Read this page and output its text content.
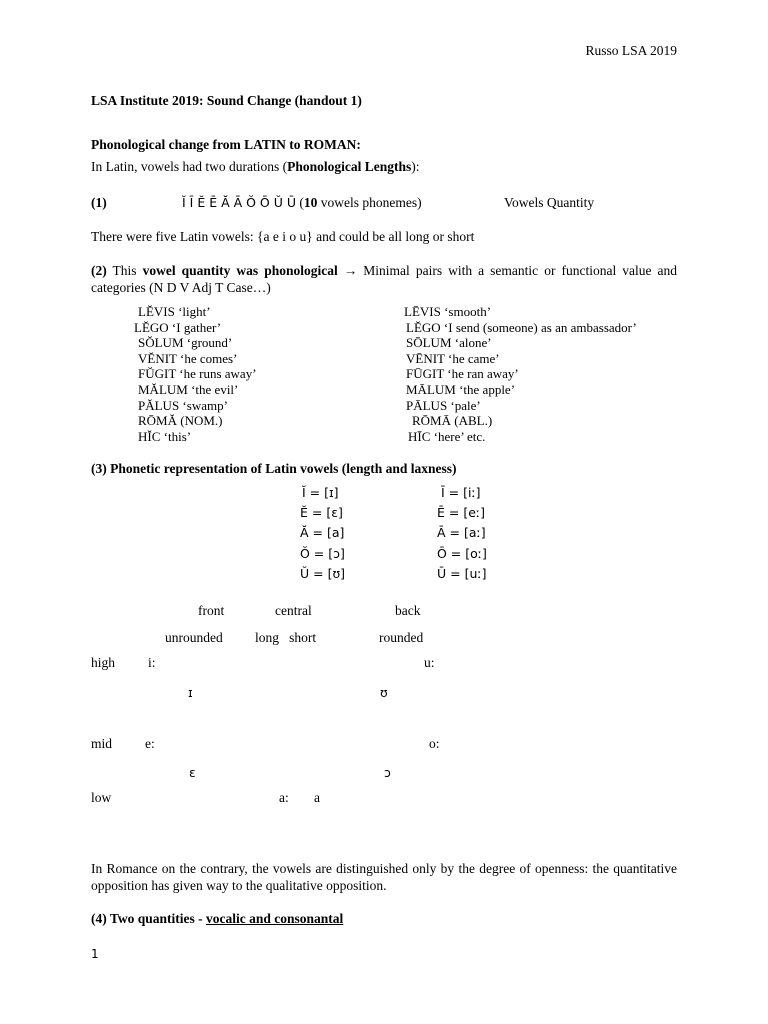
Russo LSA 2019
LSA Institute 2019: Sound Change (handout 1)
Phonological change from LATIN to ROMAN:
In Latin, vowels had two durations (Phonological Lengths):
(1)	Ĭ Ī Ĕ Ē Ă Ā Ŏ Ō Ŭ Ū (10 vowels phonemes)	Vowels Quantity
There were five Latin vowels: {a e i o u} and could be all long or short
(2) This vowel quantity was phonological → Minimal pairs with a semantic or functional value and categories (N D V Adj T Case…)
LĔVIS ‘light’	LĒVIS ‘smooth’
LĔGO ‘I gather’	LĔGO ‘I send (someone) as an ambassador’
SŎLUM ‘ground’	SŌLUM ‘alone’
VĔNIT ‘he comes’	VĒNIT ‘he came’
FŬGIT ‘he runs away’	FŪGIT ‘he ran away’
MĂLUM ‘the evil’	MĀLUM ‘the apple’
PĂLUS ‘swamp’	PĀLUS ‘pale’
RŌMĂ (NOM.)	RŌMĀ (ABL.)
HĬC ‘this’	HĪC ‘here’ etc.
(3) Phonetic representation of Latin vowels (length and laxness)
Ĭ = [ɪ]	Ī = [iː]
Ĕ = [ɛ]	Ē = [eː]
Ă = [a]	Ā = [aː]
Ŏ = [ɔ]	Ō = [oː]
Ŭ = [ʊ]	Ū = [uː]
front	central	back
unrounded long   short	rounded
high i:	u:
ɪ	ʊ
mid e:	o:
ɛ	ɔ
low	a: a
In Romance on the contrary, the vowels are distinguished only by the degree of openness: the quantitative opposition has given way to the qualitative opposition.
(4) Two quantities - vocalic and consonantal
1
